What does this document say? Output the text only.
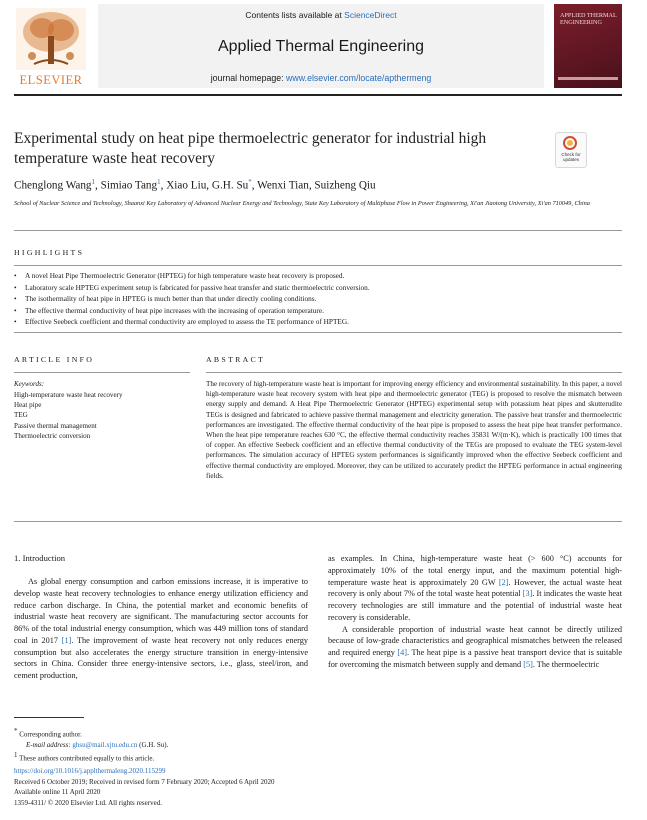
ELSEVIER
Contents lists available at ScienceDirect
Applied Thermal Engineering
journal homepage: www.elsevier.com/locate/apthermeng
APPLIED THERMAL ENGINEERING
Experimental study on heat pipe thermoelectric generator for industrial high temperature waste heat recovery	Check for updates
Chenglong Wang$^1$, Simiao Tang$^1$, Xiao Liu, G.H. Su*, Wenxi Tian, Suizheng Qiu
School of Nuclear Science and Technology, Shaanxi Key Laboratory of Advanced Nuclear Energy and Technology, State Key Laboratory of Multiphase Flow in Power Engineering, Xi'an Jiaotong University, Xi'an 710049, China
HIGHLIGHTS
• A novel Heat Pipe Thermoelectric Generator (HPTEG) for high temperature waste heat recovery is proposed.
• Laboratory scale HPTEG experiment setup is fabricated for passive heat transfer and static thermoelectric conversion.
• The isothermality of heat pipe in HPTEG is much better than that under directly cooling conditions.
• The effective thermal conductivity of heat pipe increases with the increasing of operation temperature.
• Effective Seebeck coefficient and thermal conductivity are employed to assess the TE performance of HPTEG.
ARTICLE INFO
Keywords:
High-temperature waste heat recovery
Heat pipe
TEG
Passive thermal management
Thermoelectric conversion
ABSTRACT

The recovery of high-temperature waste heat is important for improving energy efficiency and environmental sustainability. In this paper, a novel high-temperature waste heat recovery system with heat pipe and thermoelectric generator (TEG) is proposed to resolve the mismatch between energy supply and demand. A Heat Pipe Thermoelectric Generator (HPTEG) experimental setup with potassium heat pipes and skutterudite TEGs is designed and fabricated to achieve passive thermal management and electricity generation. The passive heat transfer and thermoelectric performances are investigated. The effective thermal conductivity of the heat pipe is proposed to assess the heat pipe heat transfer performance. When the heat pipe temperature reaches 630 °C, the effective thermal conductivity reaches 35831 W/(m·K), which is practically 100 times that of copper. An effective Seebeck coefficient and an effective thermal conductivity of the TEGs are proposed to evaluate the TEG system-level performances. The simulation accuracy of HPTEG system performances is significantly improved when the effective Seebeck coefficient and effective thermal conductivity are employed. Moreover, they can be utilized to accurately predict the HPTEG performance in actual engineering fields.

1. Introduction

As global energy consumption and carbon emissions increase, it is imperative to develop waste heat recovery technologies to enhance energy utilization efficiency and reduce carbon discharge. In China, the potential market and economic benefits of industrial waste heat recovery are significant. The manufacturing sector accounts for 86% of the total industrial energy consumption, which was 449 million tons of standard coal in 2017 [1]. The improvement of waste heat recovery not only reduces energy consumption but also accelerates the energy structure transition in energy-intensive sectors in China. Consider three energy-intensive sectors, i.e., glass, steel/iron, and cement production,

as examples. In China, high-temperature waste heat (> 600 °C) accounts for approximately 10% of the total energy input, and the maximum potential high-temperature waste heat is approximately 20 GW [2]. However, the actual waste heat recovery is only about 7% of the total waste heat potential [3]. It indicates the waste heat recovery technologies are still immature and the potential of industrial waste heat recovery is considerable.

A considerable proportion of industrial waste heat cannot be directly utilized because of low-grade characteristics and geographical mismatches between the released and required energy [4]. The heat pipe is a passive heat transport device that is suitable for overcoming the mismatch between supply and demand [5]. The thermoelectric

* Corresponding author.
E-mail address: ghsu@mail.xjtu.edu.cn (G.H. Su).
$^1$ These authors contributed equally to this article.
https://doi.org/10.1016/j.applthermaleng.2020.115299
Received 6 October 2019; Received in revised form 7 February 2020; Accepted 6 April 2020
Available online 11 April 2020
1359-4311/ © 2020 Elsevier Ltd. All rights reserved.
